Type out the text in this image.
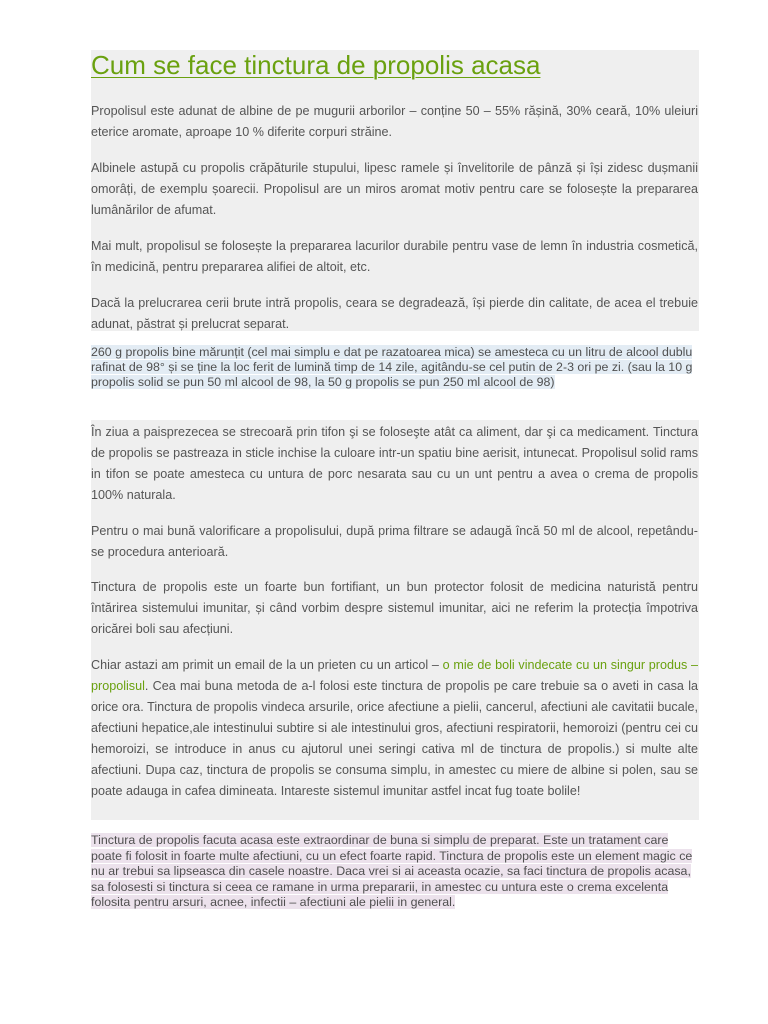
Cum se face tinctura de propolis acasa

Propolisul este adunat de albine de pe mugurii arborilor – conține 50 – 55% rășină, 30% ceară, 10% uleiuri eterice aromate, aproape 10 % diferite corpuri străine.

Albinele astupă cu propolis crăpăturile stupului, lipesc ramele și învelitorile de pânză și își zidesc dușmanii omorâți, de exemplu șoarecii. Propolisul are un miros aromat motiv pentru care se folosește la prepararea lumânărilor de afumat.

Mai mult, propolisul se folosește la prepararea lacurilor durabile pentru vase de lemn în industria cosmetică, în medicină, pentru prepararea alifiei de altoit, etc.

Dacă la prelucrarea cerii brute intră propolis, ceara se degradează, își pierde din calitate, de acea el trebuie adunat, păstrat și prelucrat separat.

260 g propolis bine mărunțit (cel mai simplu e dat pe razatoarea mica) se amesteca cu un litru de alcool dublu rafinat de 98° și se ține la loc ferit de lumină timp de 14 zile, agitându-se cel putin de 2-3 ori pe zi. (sau la 10 g propolis solid se pun 50 ml alcool de 98, la 50 g propolis se pun 250 ml alcool de 98)

În ziua a paisprezecea se strecoară prin tifon şi se foloseşte atât ca aliment, dar şi ca medicament. Tinctura de propolis se pastreaza in sticle inchise la culoare intr-un spatiu bine aerisit, intunecat. Propolisul solid rams in tifon se poate amesteca cu untura de porc nesarata sau cu un unt pentru a avea o crema de propolis 100% naturala.

Pentru o mai bună valorificare a propolisului, după prima filtrare se adaugă încă 50 ml de alcool, repetându-se procedura anterioară.

Tinctura de propolis este un foarte bun fortifiant, un bun protector folosit de medicina naturistă pentru întărirea sistemului imunitar, și când vorbim despre sistemul imunitar, aici ne referim la protecția împotriva oricărei boli sau afecțiuni.

Chiar astazi am primit un email de la un prieten cu un articol – o mie de boli vindecate cu un singur produs – propolisul. Cea mai buna metoda de a-l folosi este tinctura de propolis pe care trebuie sa o aveti in casa la orice ora. Tinctura de propolis vindeca arsurile, orice afectiune a pielii, cancerul, afectiuni ale cavitatii bucale, afectiuni hepatice,ale intestinului subtire si ale intestinului gros, afectiuni respiratorii, hemoroizi (pentru cei cu hemoroizi, se introduce in anus cu ajutorul unei seringi cativa ml de tinctura de propolis.) si multe alte afectiuni. Dupa caz, tinctura de propolis se consuma simplu, in amestec cu miere de albine si polen, sau se poate adauga in cafea dimineata. Intareste sistemul imunitar astfel incat fug toate bolile!

Tinctura de propolis facuta acasa este extraordinar de buna si simplu de preparat. Este un tratament care poate fi folosit in foarte multe afectiuni, cu un efect foarte rapid. Tinctura de propolis este un element magic ce nu ar trebui sa lipseasca din casele noastre. Daca vrei si ai aceasta ocazie, sa faci tinctura de propolis acasa, sa folosesti si tinctura si ceea ce ramane in urma prepararii, in amestec cu untura este o crema excelenta folosita pentru arsuri, acnee, infectii – afectiuni ale pielii in general.
